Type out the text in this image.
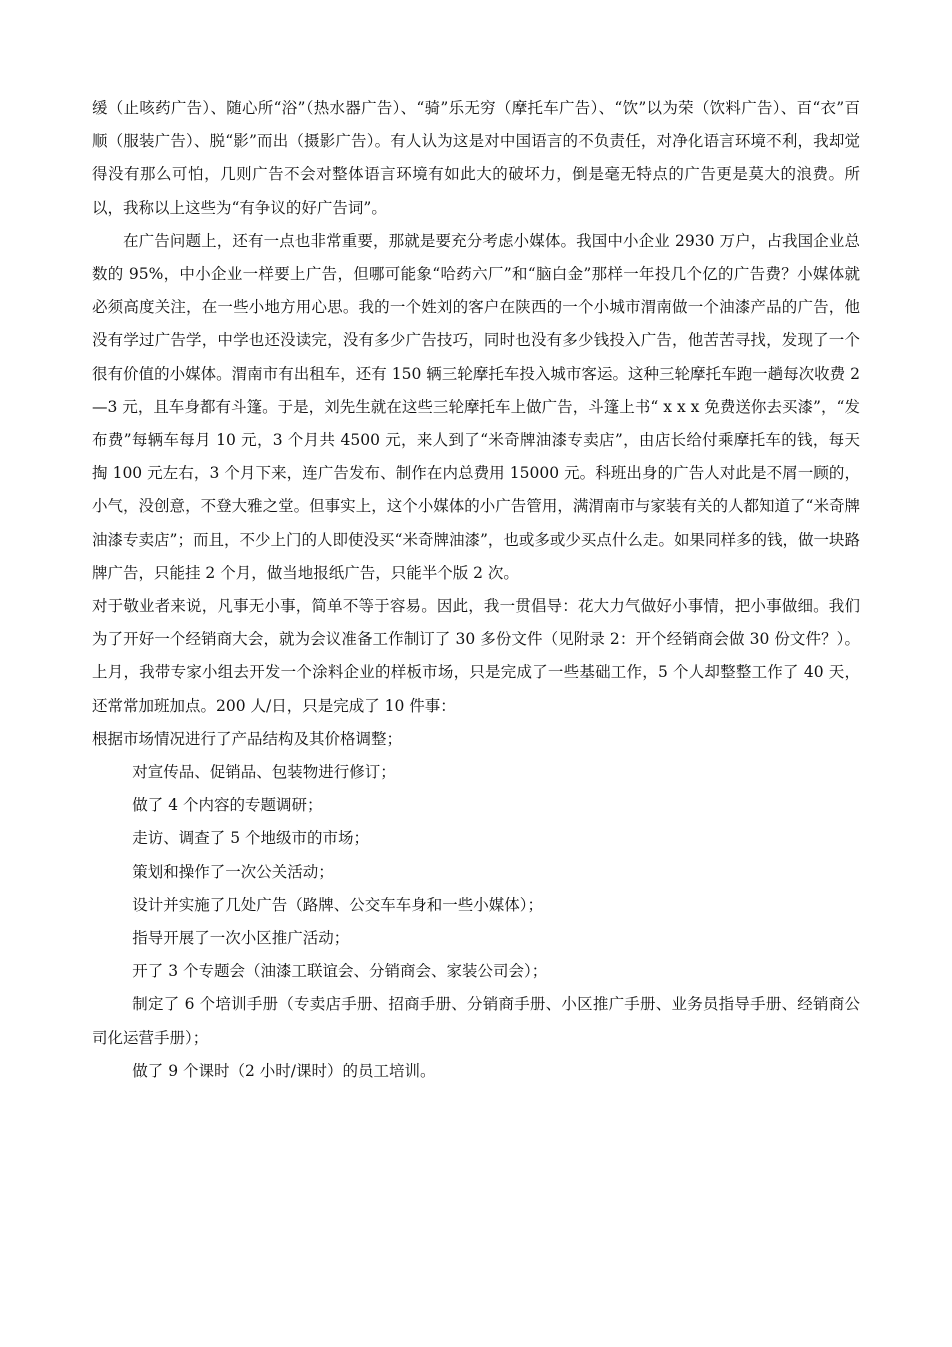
缓（止咳药广告）、随心所“浴”（热水器广告）、“骑”乐无穷（摩托车广告）、“饮”以为荣（饮料广告）、百“衣”百顺（服装广告）、脱“影”而出（摄影广告）。有人认为这是对中国语言的不负责任，对净化语言环境不利，我却觉得没有那么可怕，几则广告不会对整体语言环境有如此大的破坏力，倒是毫无特点的广告更是莫大的浪费。所以，我称以上这些为“有争议的好广告词”。

在广告问题上，还有一点也非常重要，那就是要充分考虑小媒体。我国中小企业 2930 万户，占我国企业总数的 95%，中小企业一样要上广告，但哪可能象“哈药六厂”和“脑白金”那样一年投几个亿的广告费？小媒体就必须高度关注，在一些小地方用心思。我的一个姓刘的客户在陕西的一个小城市渭南做一个油漆产品的广告，他没有学过广告学，中学也还没读完，没有多少广告技巧，同时也没有多少钱投入广告，他苦苦寻找，发现了一个很有价值的小媒体。渭南市有出租车，还有 150 辆三轮摩托车投入城市客运。这种三轮摩托车跑一趟每次收费 2—3 元，且车身都有斗篷。于是，刘先生就在这些三轮摩托车上做广告，斗篷上书“ x x x 免费送你去买漆”，“发布费”每辆车每月 10 元，3 个月共 4500 元，来人到了“米奇牌油漆专卖店”，由店长给付乘摩托车的钱，每天掏 100 元左右，3 个月下来，连广告发布、制作在内总费用 15000 元。科班出身的广告人对此是不屑一顾的，小气，没创意，不登大雅之堂。但事实上，这个小媒体的小广告管用，满渭南市与家装有关的人都知道了“米奇牌油漆专卖店”；而且，不少上门的人即使没买“米奇牌油漆”，也或多或少买点什么走。如果同样多的钱，做一块路牌广告，只能挂 2 个月，做当地报纸广告，只能半个版 2 次。

对于敬业者来说，凡事无小事，简单不等于容易。因此，我一贯倡导：花大力气做好小事情，把小事做细。我们为了开好一个经销商大会，就为会议准备工作制订了 30 多份文件（见附录 2：开个经销商会做 30 份文件？）。上月，我带专家小组去开发一个涂料企业的样板市场，只是完成了一些基础工作，5 个人却整整工作了 40 天，还常常加班加点。200 人/日，只是完成了 10 件事：

根据市场情况进行了产品结构及其价格调整；

对宣传品、促销品、包装物进行修订；

做了 4 个内容的专题调研；

走访、调查了 5 个地级市的市场；

策划和操作了一次公关活动；

设计并实施了几处广告（路牌、公交车车身和一些小媒体）；

指导开展了一次小区推广活动；

开了 3 个专题会（油漆工联谊会、分销商会、家装公司会）；

制定了 6 个培训手册（专卖店手册、招商手册、分销商手册、小区推广手册、业务员指导手册、经销商公司化运营手册）；

做了 9 个课时（2 小时/课时）的员工培训。
